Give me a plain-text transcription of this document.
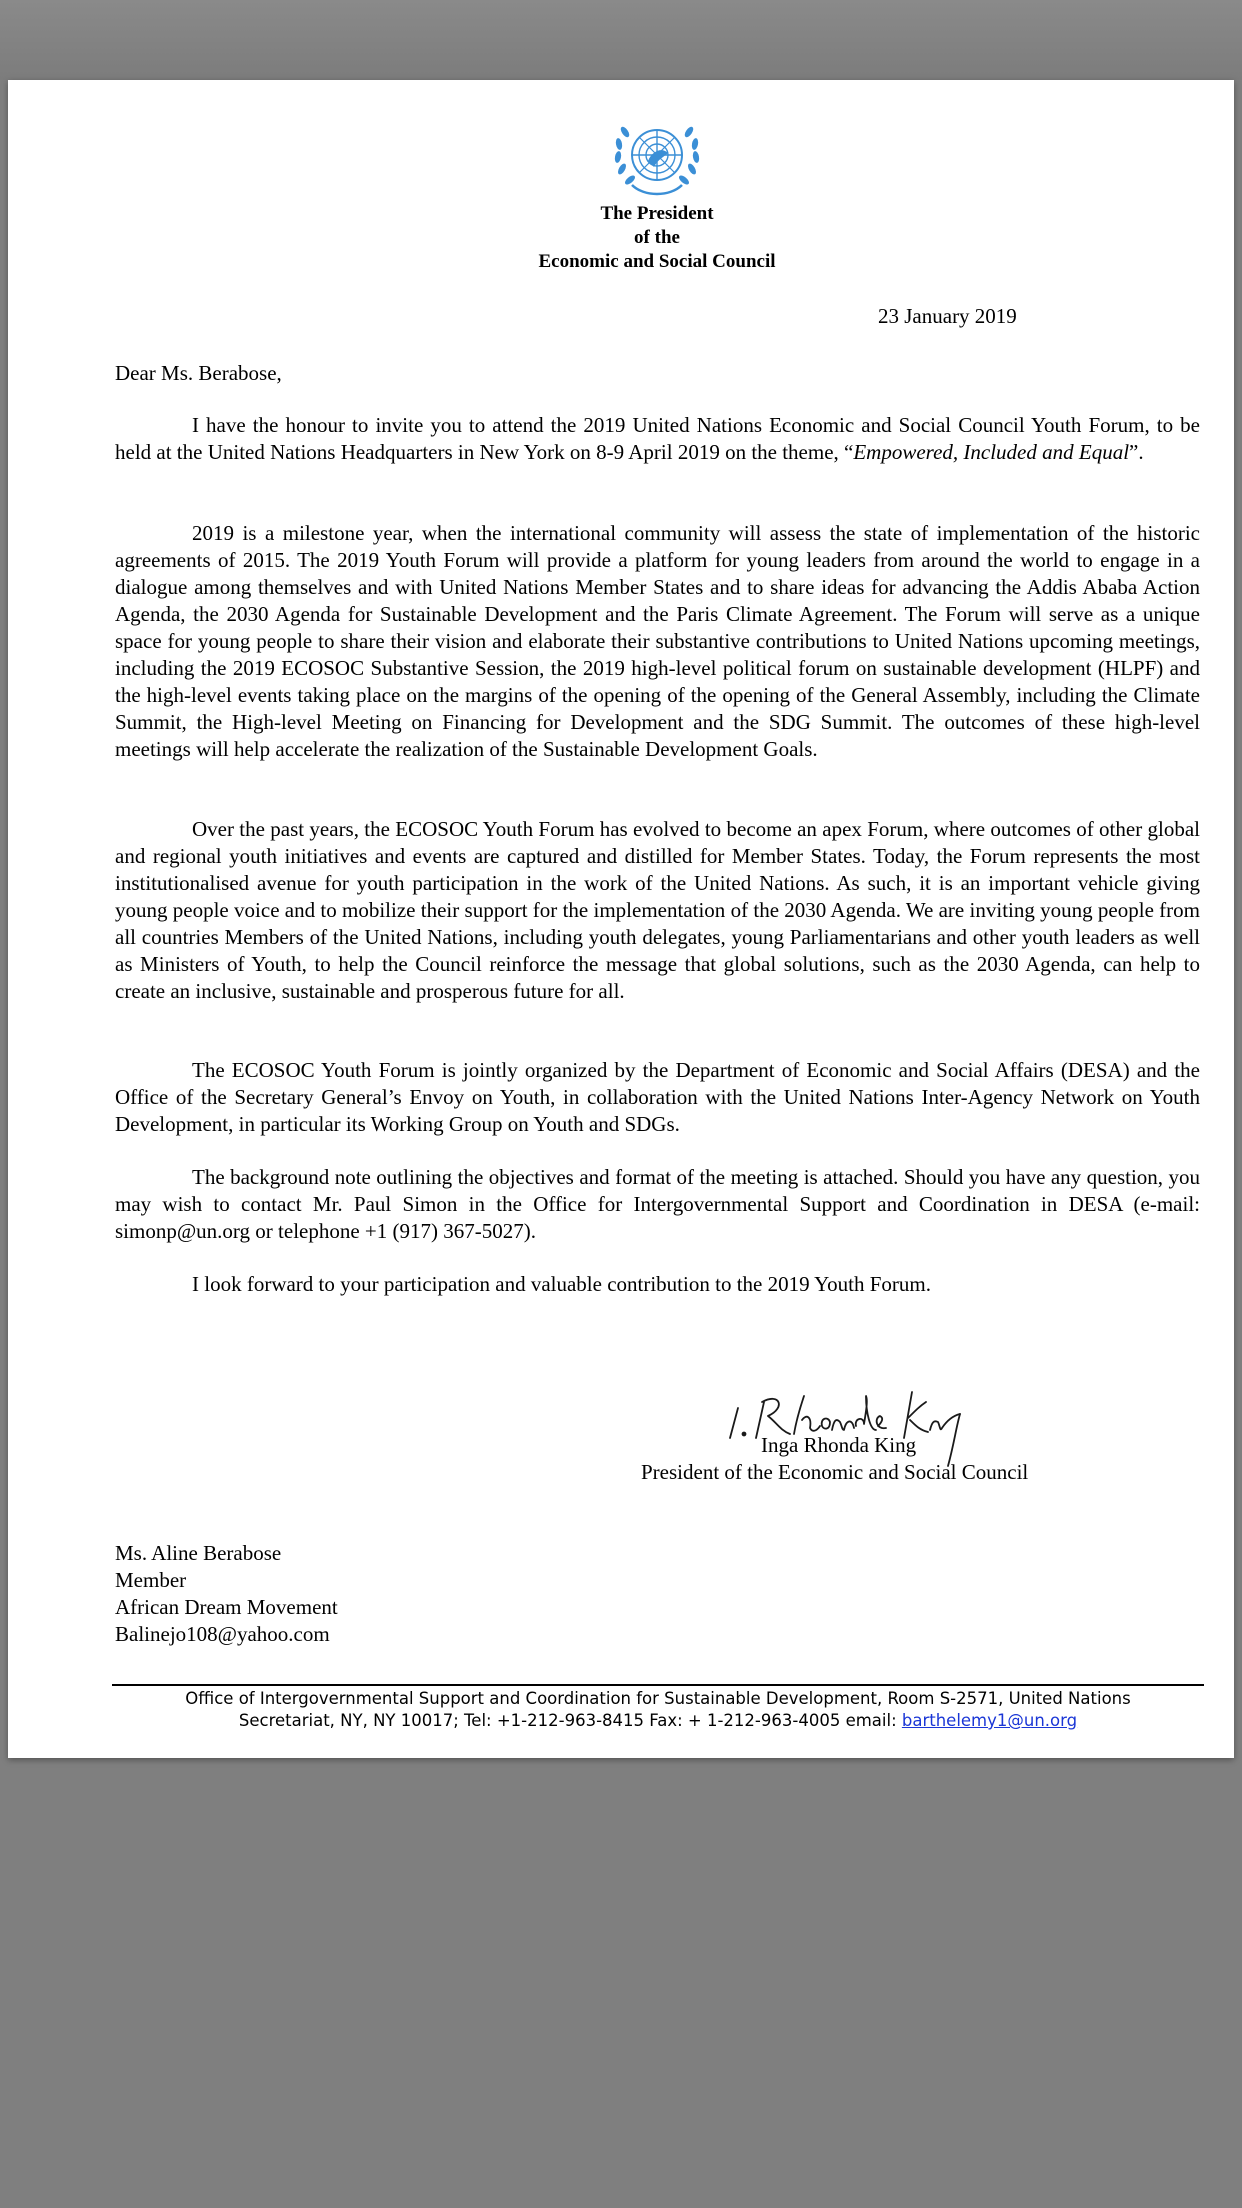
The President
of the
Economic and Social Council
23 January 2019
Dear Ms. Berabose,
I have the honour to invite you to attend the 2019 United Nations Economic and Social Council Youth Forum, to be held at the United Nations Headquarters in New York on 8-9 April 2019 on the theme, “Empowered, Included and Equal”.
2019 is a milestone year, when the international community will assess the state of implementation of the historic agreements of 2015. The 2019 Youth Forum will provide a platform for young leaders from around the world to engage in a dialogue among themselves and with United Nations Member States and to share ideas for advancing the Addis Ababa Action Agenda, the 2030 Agenda for Sustainable Development and the Paris Climate Agreement. The Forum will serve as a unique space for young people to share their vision and elaborate their substantive contributions to United Nations upcoming meetings, including the 2019 ECOSOC Substantive Session, the 2019 high-level political forum on sustainable development (HLPF) and the high-level events taking place on the margins of the opening of the opening of the General Assembly, including the Climate Summit, the High-level Meeting on Financing for Development and the SDG Summit. The outcomes of these high-level meetings will help accelerate the realization of the Sustainable Development Goals.
Over the past years, the ECOSOC Youth Forum has evolved to become an apex Forum, where outcomes of other global and regional youth initiatives and events are captured and distilled for Member States. Today, the Forum represents the most institutionalised avenue for youth participation in the work of the United Nations. As such, it is an important vehicle giving young people voice and to mobilize their support for the implementation of the 2030 Agenda. We are inviting young people from all countries Members of the United Nations, including youth delegates, young Parliamentarians and other youth leaders as well as Ministers of Youth, to help the Council reinforce the message that global solutions, such as the 2030 Agenda, can help to create an inclusive, sustainable and prosperous future for all.
The ECOSOC Youth Forum is jointly organized by the Department of Economic and Social Affairs (DESA) and the Office of the Secretary General’s Envoy on Youth, in collaboration with the United Nations Inter-Agency Network on Youth Development, in particular its Working Group on Youth and SDGs.
The background note outlining the objectives and format of the meeting is attached. Should you have any question, you may wish to contact Mr. Paul Simon in the Office for Intergovernmental Support and Coordination in DESA (e-mail: simonp@un.org or telephone +1 (917) 367-5027).
I look forward to your participation and valuable contribution to the 2019 Youth Forum.
Inga Rhonda King
President of the Economic and Social Council
Ms. Aline Berabose
Member
African Dream Movement
Balinejo108@yahoo.com
Office of Intergovernmental Support and Coordination for Sustainable Development, Room S-2571, United Nations
Secretariat, NY, NY 10017; Tel: +1-212-963-8415 Fax: + 1-212-963-4005 email: barthelemy1@un.org
